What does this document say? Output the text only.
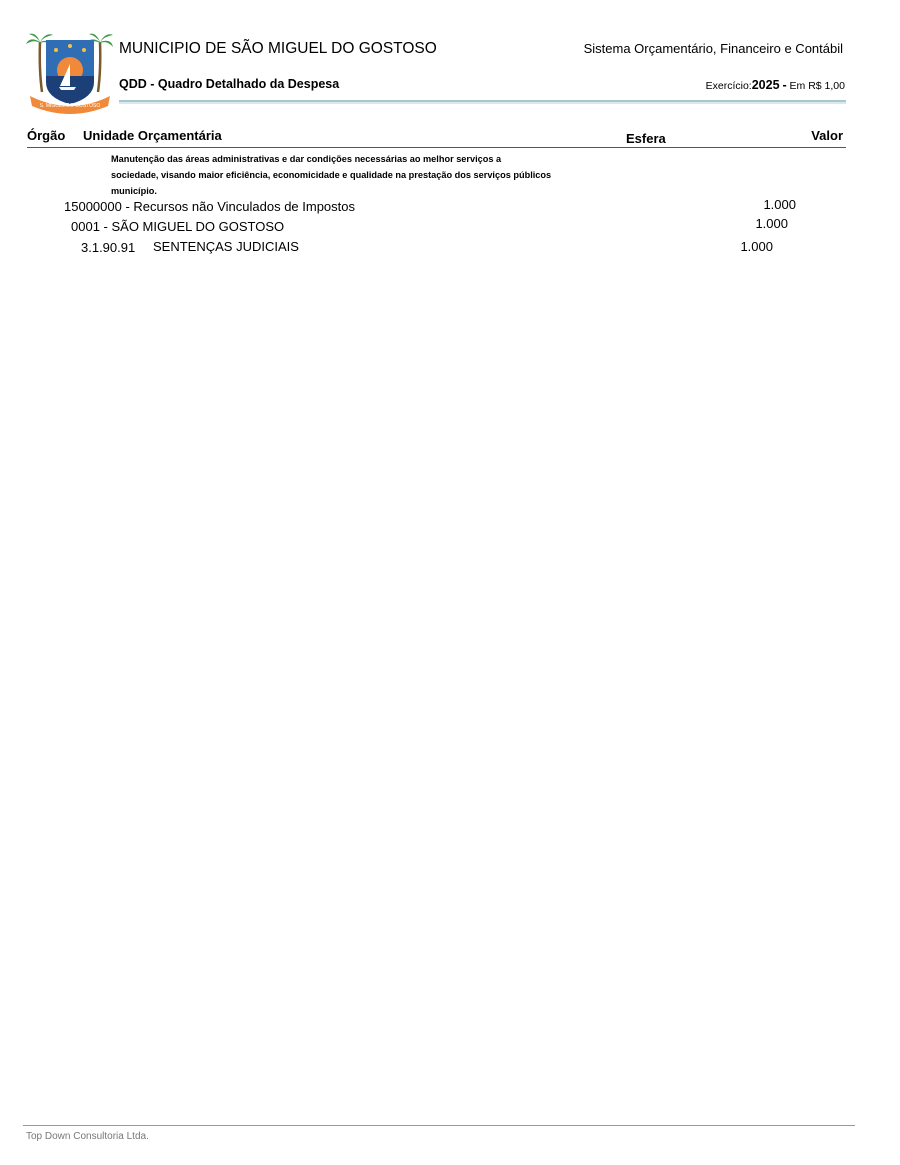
S. MIGUEL DO GOSTOSO
MUNICIPIO DE SÃO MIGUEL DO GOSTOSO	Sistema Orçamentário, Financeiro e Contábil
QDD - Quadro Detalhado da Despesa	Exercício:2025 - Em R$ 1,00
Órgão Unidade Orçamentária	Esfera	Valor
Manutenção das áreas administrativas e dar condições necessárias ao melhor serviços a
sociedade, visando maior eficiência, economicidade e qualidade na prestação dos serviços públicos
município.
15000000 - Recursos não Vinculados de Impostos	1.000
0001 - SÃO MIGUEL DO GOSTOSO	1.000
3.1.90.91 SENTENÇAS JUDICIAIS	1.000
Top Down Consultoria Ltda.
